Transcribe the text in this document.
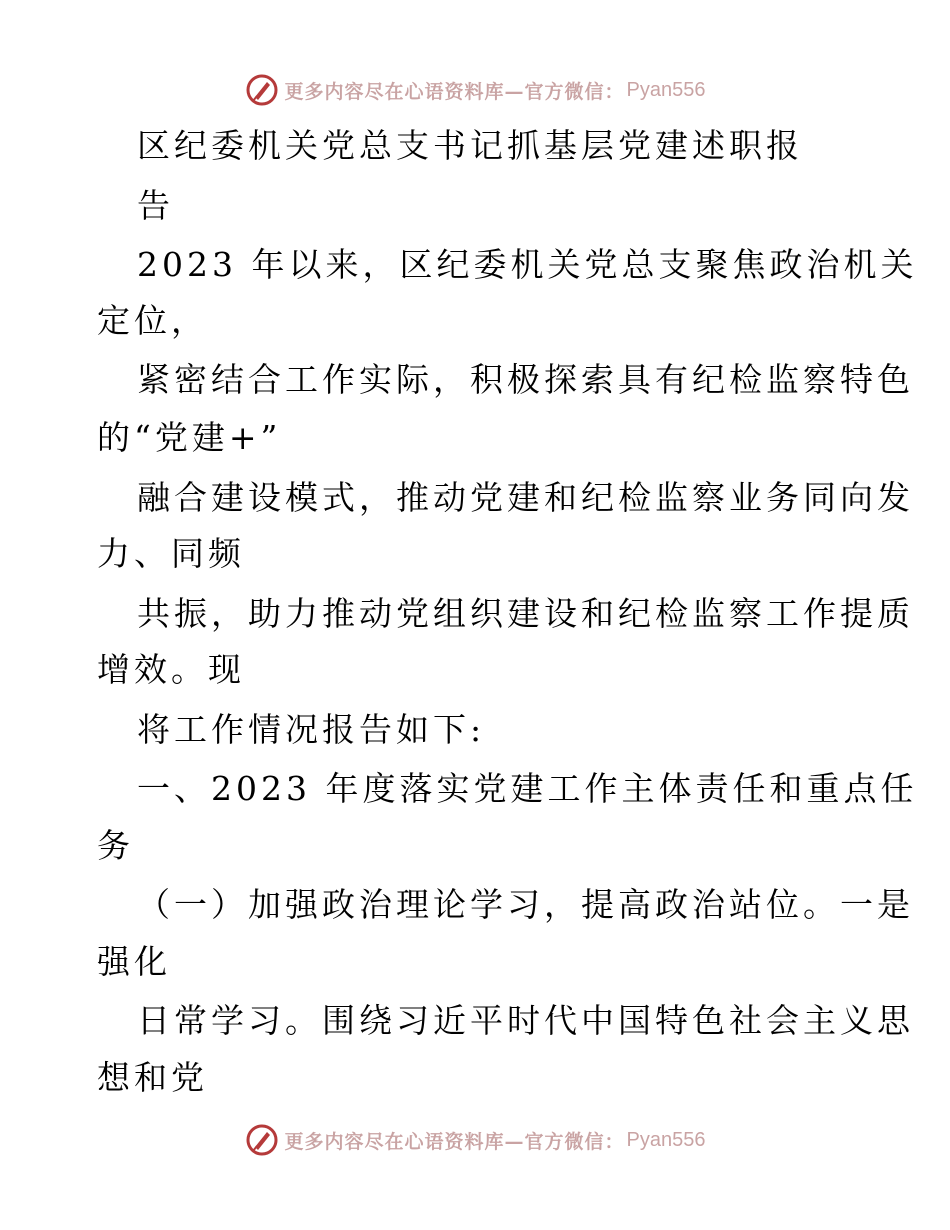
更多内容尽在心语资料库—官方微信： Pyan556
区纪委机关党总支书记抓基层党建述职报
告
2023 年以来，区纪委机关党总支聚焦政治机关
定位，
紧密结合工作实际，积极探索具有纪检监察特色
的“党建+”
融合建设模式，推动党建和纪检监察业务同向发
力、同频
共振，助力推动党组织建设和纪检监察工作提质
增效。现
将工作情况报告如下:
一、2023 年度落实党建工作主体责任和重点任
务
（一）加强政治理论学习，提高政治站位。一是
强化
日常学习。围绕习近平时代中国特色社会主义思
想和党
更多内容尽在心语资料库—官方微信： Pyan556
